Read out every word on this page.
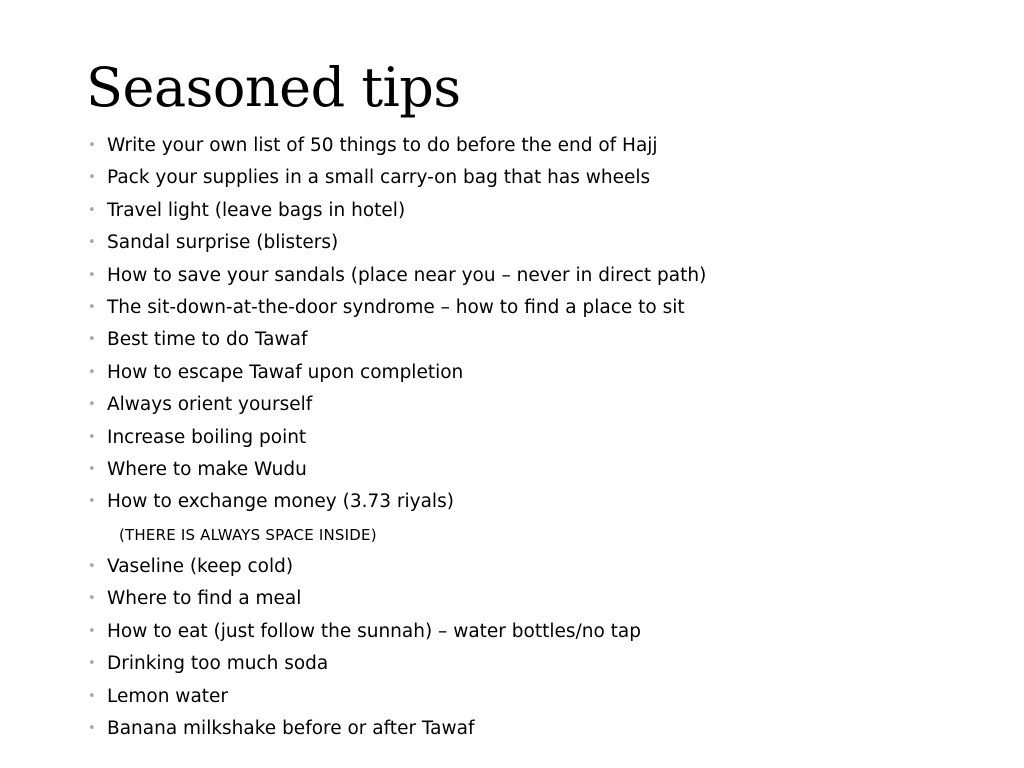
Seasoned tips
• Write your own list of 50 things to do before the end of Hajj
• Pack your supplies in a small carry-on bag that has wheels
• Travel light (leave bags in hotel)
• Sandal surprise (blisters)
• How to save your sandals (place near you – never in direct path)
• The sit-down-at-the-door syndrome – how to find a place to sit
• Best time to do Tawaf
• How to escape Tawaf upon completion
• Always orient yourself
• Increase boiling point
• Where to make Wudu
• How to exchange money (3.73 riyals)
(THERE IS ALWAYS SPACE INSIDE)
• Vaseline (keep cold)
• Where to find a meal
• How to eat (just follow the sunnah) – water bottles/no tap
• Drinking too much soda
• Lemon water
• Banana milkshake before or after Tawaf
